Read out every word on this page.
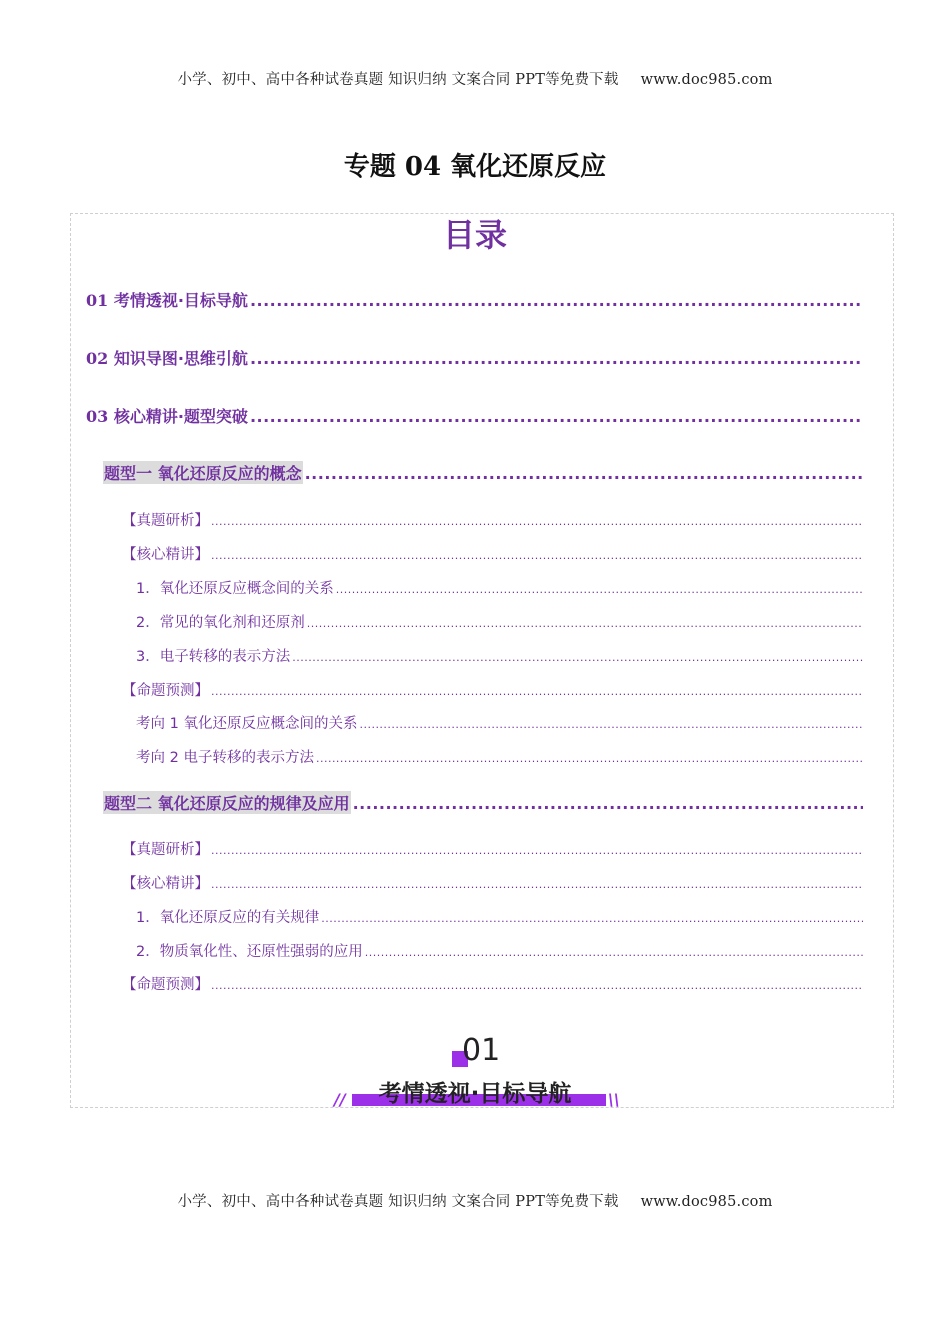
小学、初中、高中各种试卷真题 知识归纳 文案合同 PPT等免费下载 www.doc985.com
专题 04 氧化还原反应
目录
01 考情透视·目标导航
.....
02 知识导图·思维引航
.....
03 核心精讲·题型突破
.....
题型一 氧化还原反应的概念
.....
【真题研析】
.....
【核心精讲】
.....
1．氧化还原反应概念间的关系
.....
2．常见的氧化剂和还原剂
.....
3．电子转移的表示方法
.....
【命题预测】
.....
考向 1 氧化还原反应概念间的关系
.....
考向 2 电子转移的表示方法
.....
题型二 氧化还原反应的规律及应用
.....
【真题研析】
.....
【核心精讲】
.....
1．氧化还原反应的有关规律
.....
2．物质氧化性、还原性强弱的应用
.....
【命题预测】
.....
01
//	\\
考情透视·目标导航
小学、初中、高中各种试卷真题 知识归纳 文案合同 PPT等免费下载 www.doc985.com
